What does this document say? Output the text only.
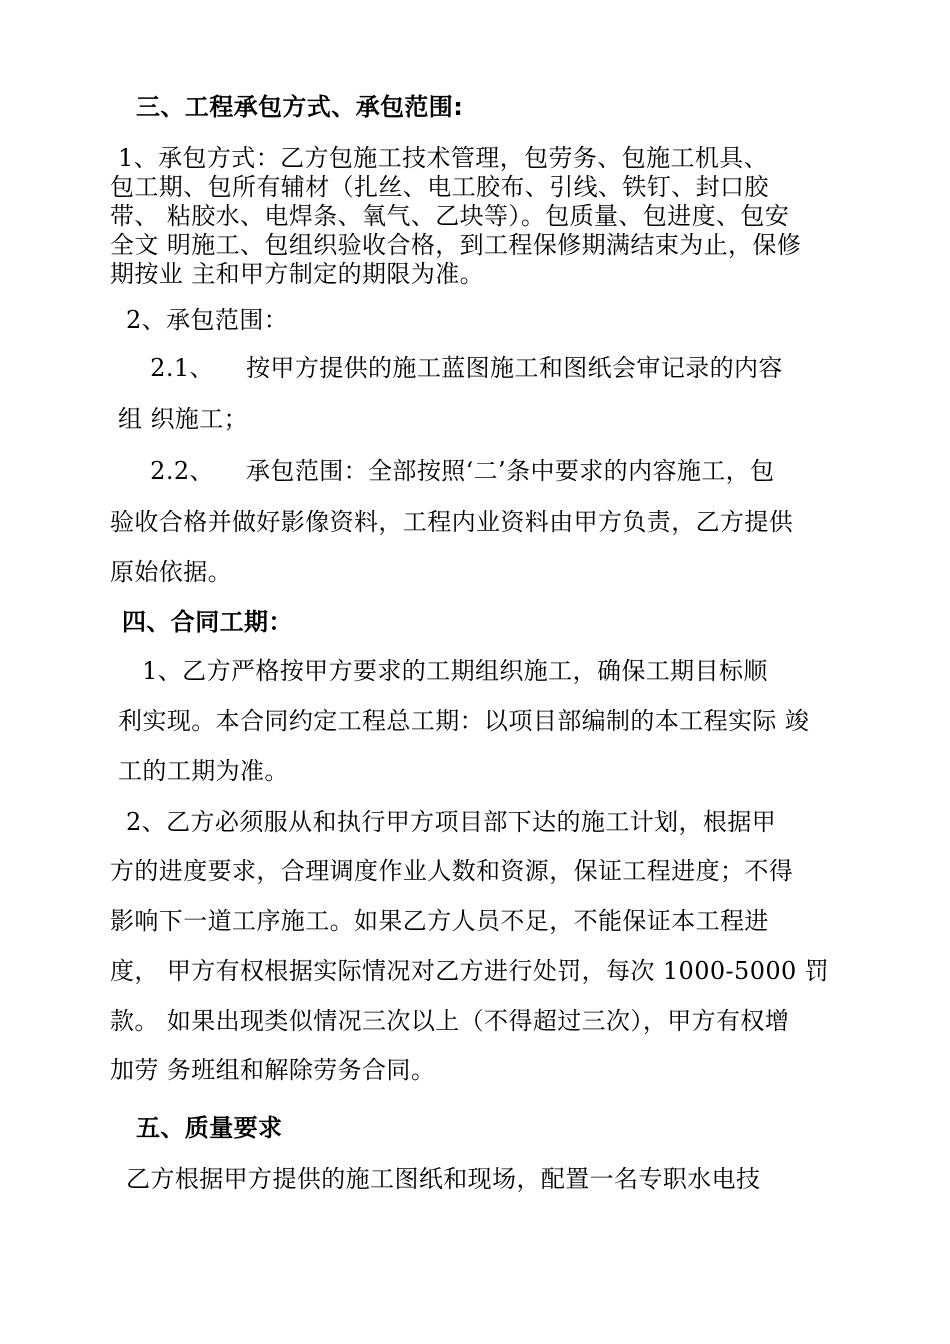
三、工程承包方式、承包范围:
1、承包方式：乙方包施工技术管理，包劳务、包施工机具、
包工期、包所有辅材（扎丝、电工胶布、引线、铁钉、封口胶
带、 粘胶水、电焊条、氧气、乙块等）。包质量、包进度、包安
全文 明施工、包组织验收合格，到工程保修期满结束为止，保修
期按业 主和甲方制定的期限为准。
2、承包范围：
2.1、    按甲方提供的施工蓝图施工和图纸会审记录的内容
组 织施工；
2.2、    承包范围：全部按照‘二’条中要求的内容施工，包
验收合格并做好影像资料，工程内业资料由甲方负责，乙方提供
原始依据。
四、合同工期：
1、乙方严格按甲方要求的工期组织施工，确保工期目标顺
利实现。本合同约定工程总工期：以项目部编制的本工程实际 竣
工的工期为准。
2、乙方必须服从和执行甲方项目部下达的施工计划，根据甲
方的进度要求，合理调度作业人数和资源，保证工程进度；不得
影响下一道工序施工。如果乙方人员不足，不能保证本工程进
度， 甲方有权根据实际情况对乙方进行处罚，每次 1000-5000 罚
款。 如果出现类似情况三次以上（不得超过三次），甲方有权增
加劳 务班组和解除劳务合同。
五、质量要求
乙方根据甲方提供的施工图纸和现场，配置一名专职水电技
